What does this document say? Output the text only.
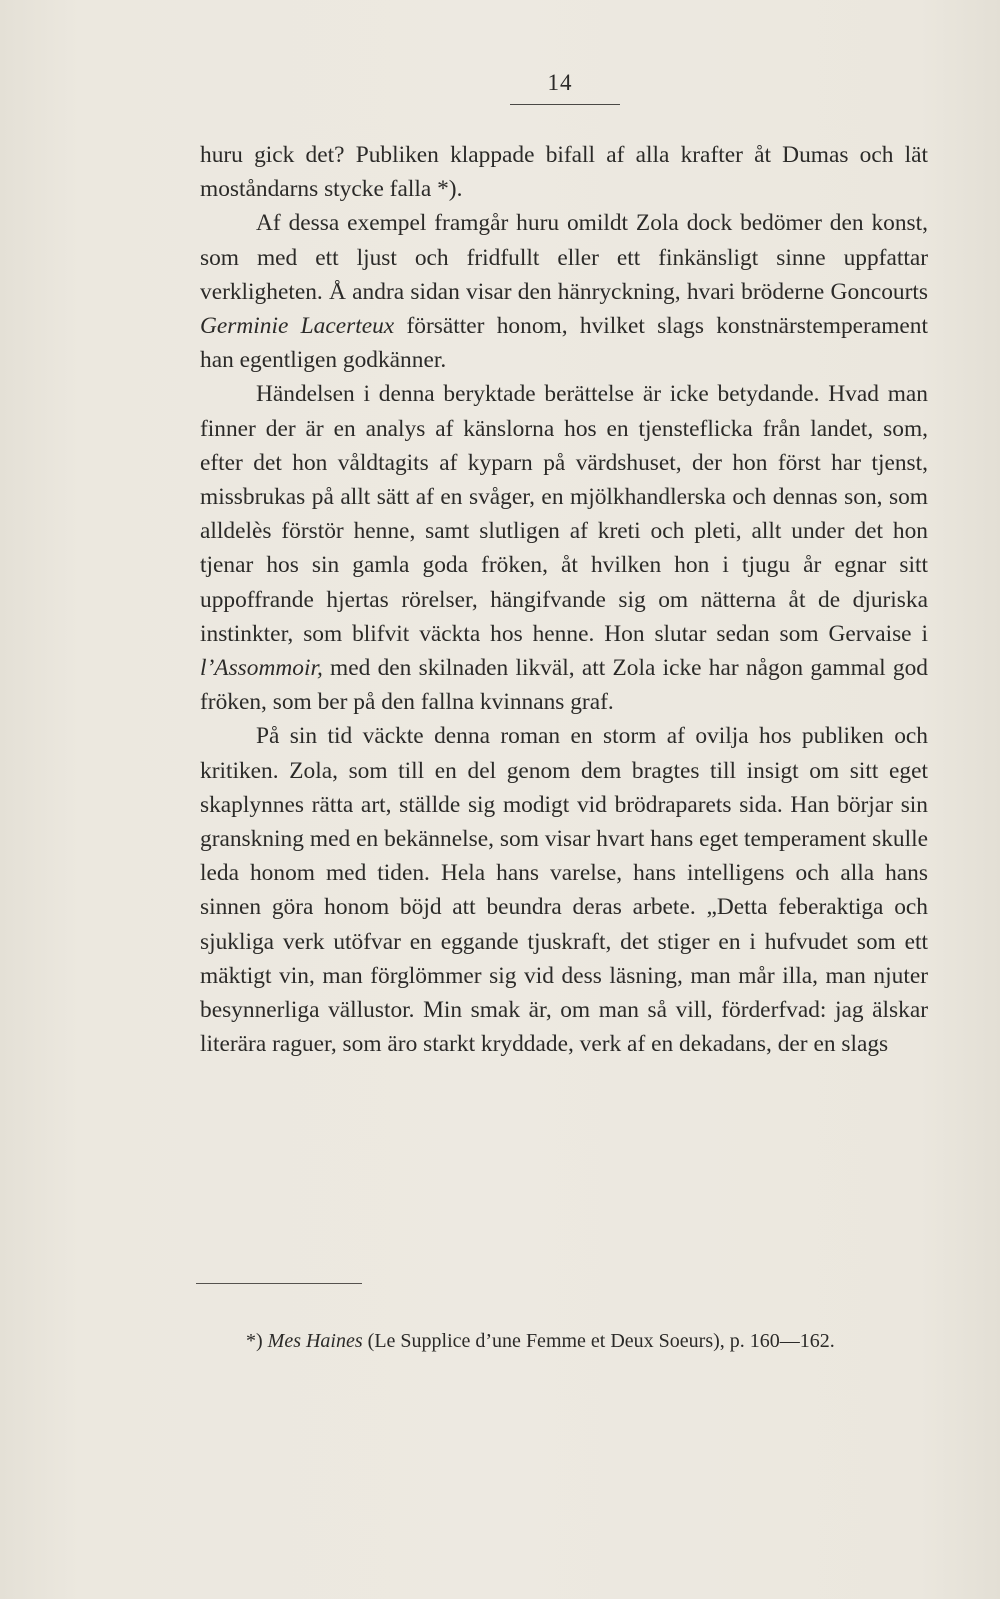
14

huru gick det? Publiken klappade bifall af alla krafter åt Dumas och lät moståndarns stycke falla *).

Af dessa exempel framgår huru omildt Zola dock bedömer den konst, som med ett ljust och fridfullt eller ett finkänsligt sinne uppfattar verkligheten. Å andra sidan visar den hänryckning, hvari bröderne Goncourts Germinie Lacerteux försätter honom, hvilket slags konstnärstemperament han egentligen godkänner.

Händelsen i denna beryktade berättelse är icke betydande. Hvad man finner der är en analys af känslorna hos en tjensteflicka från landet, som, efter det hon våldtagits af kyparn på värdshuset, der hon först har tjenst, missbrukas på allt sätt af en svåger, en mjölkhandlerska och dennas son, som alldelès förstör henne, samt slutligen af kreti och pleti, allt under det hon tjenar hos sin gamla goda fröken, åt hvilken hon i tjugu år egnar sitt uppoffrande hjertas rörelser, hängifvande sig om nätterna åt de djuriska instinkter, som blifvit väckta hos henne. Hon slutar sedan som Gervaise i l’Assommoir, med den skilnaden likväl, att Zola icke har någon gammal god fröken, som ber på den fallna kvinnans graf.

På sin tid väckte denna roman en storm af ovilja hos publiken och kritiken. Zola, som till en del genom dem bragtes till insigt om sitt eget skaplynnes rätta art, ställde sig modigt vid brödraparets sida. Han börjar sin granskning med en bekännelse, som visar hvart hans eget temperament skulle leda honom med tiden. Hela hans varelse, hans intelligens och alla hans sinnen göra honom böjd att beundra deras arbete. „Detta feberaktiga och sjukliga verk utöfvar en eggande tjuskraft, det stiger en i hufvudet som ett mäktigt vin, man förglömmer sig vid dess läsning, man mår illa, man njuter besynnerliga vällustor. Min smak är, om man så vill, förderfvad: jag älskar literära raguer, som äro starkt kryddade, verk af en dekadans, der en slags

*) Mes Haines (Le Supplice d’une Femme et Deux Soeurs), p. 160—162.
